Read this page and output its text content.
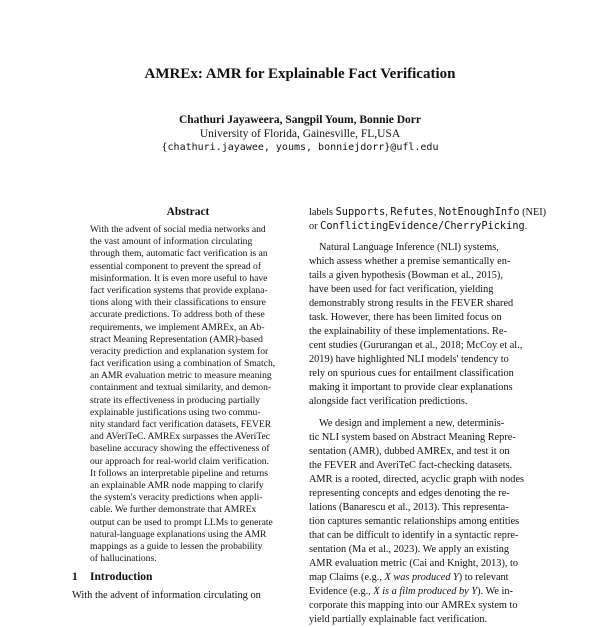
AMREx: AMR for Explainable Fact Verification
Chathuri Jayaweera, Sangpil Youm, Bonnie Dorr
University of Florida, Gainesville, FL,USA
{chathuri.jayawee, youms, bonniejdorr}@ufl.edu
Abstract
With the advent of social media networks and
the vast amount of information circulating
through them, automatic fact verification is an
essential component to prevent the spread of
misinformation. It is even more useful to have
fact verification systems that provide explana-
tions along with their classifications to ensure
accurate predictions. To address both of these
requirements, we implement AMREx, an Ab-
stract Meaning Representation (AMR)-based
veracity prediction and explanation system for
fact verification using a combination of Smatch,
an AMR evaluation metric to measure meaning
containment and textual similarity, and demon-
strate its effectiveness in producing partially
explainable justifications using two commu-
nity standard fact verification datasets, FEVER
and AVeriTeC. AMREx surpasses the AVeriTec
baseline accuracy showing the effectiveness of
our approach for real-world claim verification.
It follows an interpretable pipeline and returns
an explainable AMR node mapping to clarify
the system's veracity predictions when appli-
cable. We further demonstrate that AMREx
output can be used to prompt LLMs to generate
natural-language explanations using the AMR
mappings as a guide to lessen the probability
of hallucinations.
1 Introduction
With the advent of information circulating on
labels Supports, Refutes, NotEnoughInfo (NEI)
or ConflictingEvidence/CherryPicking.
Natural Language Inference (NLI) systems,
which assess whether a premise semantically en-
tails a given hypothesis (Bowman et al., 2015),
have been used for fact verification, yielding
demonstrably strong results in the FEVER shared
task. However, there has been limited focus on
the explainability of these implementations. Re-
cent studies (Gururangan et al., 2018; McCoy et al.,
2019) have highlighted NLI models' tendency to
rely on spurious cues for entailment classification
making it important to provide clear explanations
alongside fact verification predictions.
We design and implement a new, determinis-
tic NLI system based on Abstract Meaning Repre-
sentation (AMR), dubbed AMREx, and test it on
the FEVER and AveriTeC fact-checking datasets.
AMR is a rooted, directed, acyclic graph with nodes
representing concepts and edges denoting the re-
lations (Banarescu et al., 2013). This representa-
tion captures semantic relationships among entities
that can be difficult to identify in a syntactic repre-
sentation (Ma et al., 2023). We apply an existing
AMR evaluation metric (Cai and Knight, 2013), to
map Claims (e.g., X was produced Y) to relevant
Evidence (e.g., X is a film produced by Y). We in-
corporate this mapping into our AMREx system to
yield partially explainable fact verification.
